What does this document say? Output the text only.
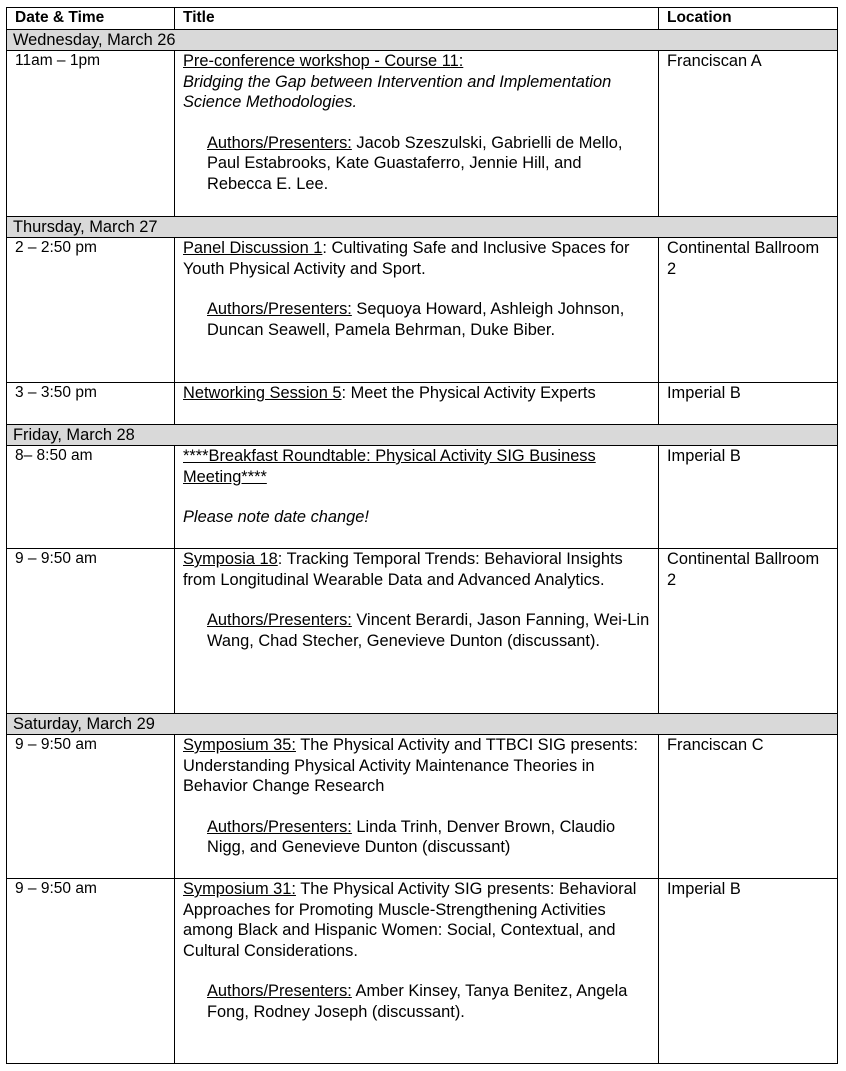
Date & Time	Title	Location
Wednesday, March 26		
11am – 1pm	Pre-conference workshop - Course 11:

Bridging the Gap between Intervention and Implementation Science Methodologies.

Authors/Presenters: Jacob Szeszulski, Gabrielli de Mello, Paul Estabrooks, Kate Guastaferro, Jennie Hill, and Rebecca E. Lee.	Franciscan A
Thursday, March 27		
2 – 2:50 pm	Panel Discussion 1: Cultivating Safe and Inclusive Spaces for Youth Physical Activity and Sport.

Authors/Presenters: Sequoya Howard, Ashleigh Johnson, Duncan Seawell, Pamela Behrman, Duke Biber.	Continental Ballroom 2
3 – 3:50 pm	Networking Session 5: Meet the Physical Activity Experts	Imperial B
Friday, March 28		
8– 8:50 am	****Breakfast Roundtable: Physical Activity SIG Business Meeting****

Please note date change!	Imperial B
9 – 9:50 am	Symposia 18: Tracking Temporal Trends: Behavioral Insights from Longitudinal Wearable Data and Advanced Analytics.

Authors/Presenters: Vincent Berardi, Jason Fanning, Wei-Lin Wang, Chad Stecher, Genevieve Dunton (discussant).	Continental Ballroom 2
Saturday, March 29		
9 – 9:50 am	Symposium 35: The Physical Activity and TTBCI SIG presents: Understanding Physical Activity Maintenance Theories in Behavior Change Research

Authors/Presenters: Linda Trinh, Denver Brown, Claudio Nigg, and Genevieve Dunton (discussant)	Franciscan C
9 – 9:50 am	Symposium 31: The Physical Activity SIG presents: Behavioral Approaches for Promoting Muscle-Strengthening Activities among Black and Hispanic Women: Social, Contextual, and Cultural Considerations.

Authors/Presenters: Amber Kinsey, Tanya Benitez, Angela Fong, Rodney Joseph (discussant).	Imperial B
